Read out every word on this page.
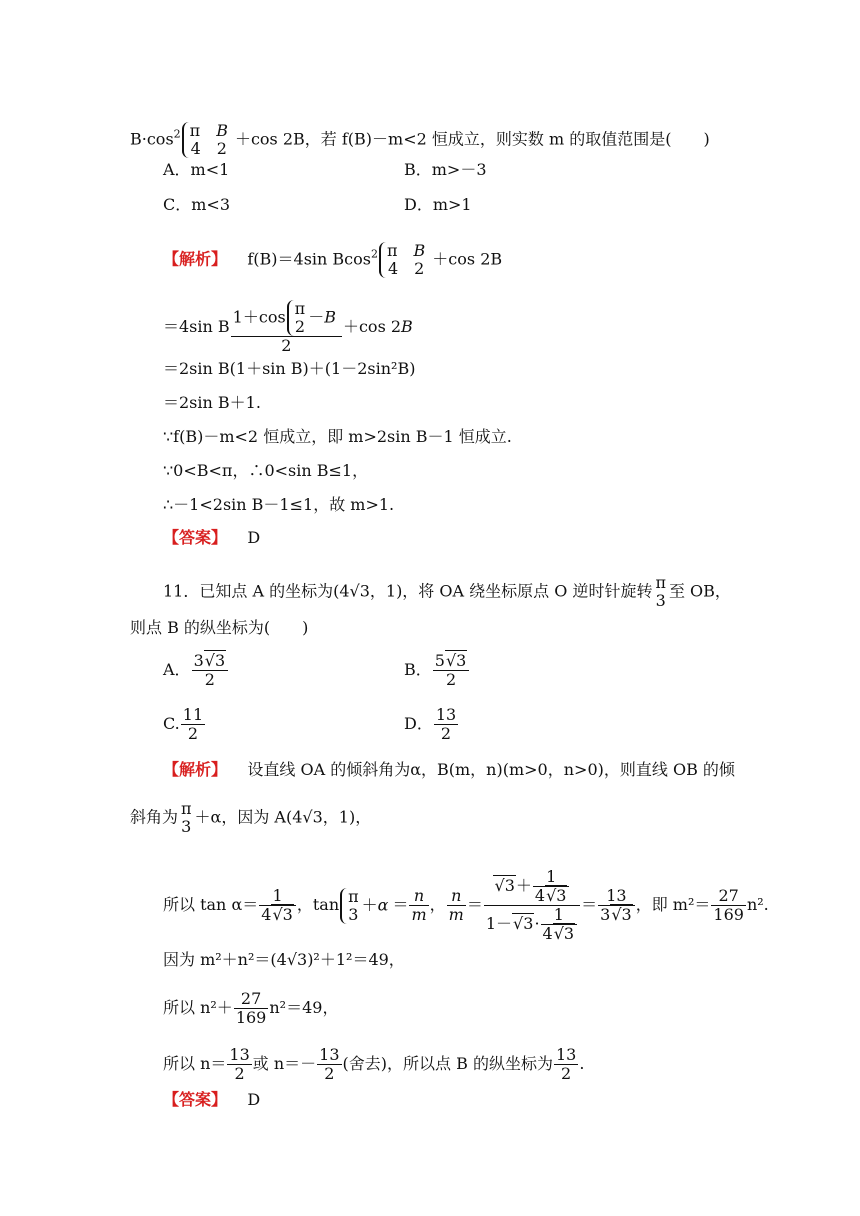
$B\cdot\cos^2$ π　B
4　2 ＋cos 2B，若 f(B)－m<2 恒成立，则实数 m 的取值范围是(　　)
A．m<1	B．m>－3
C．m<3	D．m>1
【解析】 f(B)＝4sin Bcos$^2$ π　B
4　2 ＋cos 2B
＝4sin B 1＋cos π
2 －B
2 ＋cos 2B
＝2sin B(1＋sin B)＋(1－2sin²B)
＝2sin B＋1.
∵f(B)－m<2 恒成立，即 m>2sin B－1 恒成立.
∵0<B<π，∴0<sin B≤1，
∴－1<2sin B－1≤1，故 m>1.
【答案】 D
11．已知点 A 的坐标为(4√3，1)，将 OA 绕坐标原点 O 逆时针旋转 π
3 至 OB，
则点 B 的纵坐标为(　　)
A． $\frac{3 √ 3}{2}$	B． $\frac{5 √ 3}{2}$
C. $\frac{11}{2}$	D． $\frac{13}{2}$
【解析】 设直线 OA 的倾斜角为α，B(m，n)(m>0，n>0)，则直线 OB 的倾
斜角为 π
3 ＋α，因为 A(4√3，1)，
所以 $\tan \alpha= \frac{1}{4 √ 3}$ ，tan π
$3 +\alpha = \frac{n}{m}$ ， $\frac{n}{m}$ ＝ √ $\frac{3+ \frac{1}{4 √ 3}}{1- √ 3\cdot \frac{1}{4 √ 3}} = \frac{13}{3 √ 3}$ ，即 $m^2= \frac{27}{169} n^2$.
因为 m²＋n²＝(4√3)²＋1²＝49，
所以 $n^2+ \frac{27}{169} n^2=49$，
所以 $n= \frac{13}{2}$ 或 $n=- \frac{13}{2}$ (舍去)，所以点 B 的纵坐标为 $\frac{13}{2}$ .
【答案】 D
